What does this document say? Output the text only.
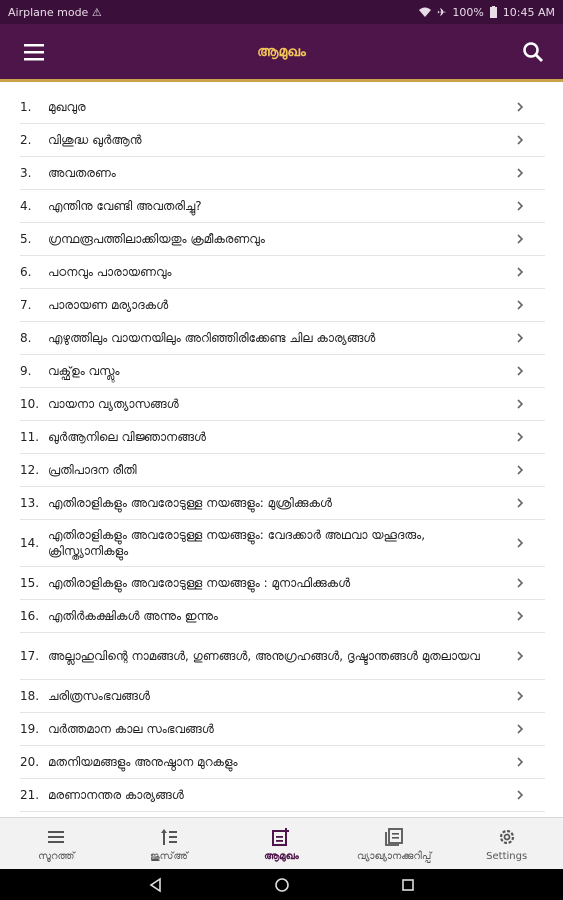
Airplane mode ⚠	✈ 100% 10:45 AM
ആമുഖം
1.	മുഖവുര
2.	വിശുദ്ധ ഖുർആൻ
3.	അവതരണം
4.	എന്തിനു വേണ്ടി അവതരിച്ചു?
5.	ഗ്രന്ഥരൂപത്തിലാക്കിയതും ക്രമീകരണവും
6.	പഠനവും പാരായണവും
7.	പാരായണ മര്യാദകൾ
8.	എഴുത്തിലും വായനയിലും അറിഞ്ഞിരിക്കേണ്ട ചില കാര്യങ്ങൾ
9.	വക്ഫ്ഉം വസ്ലും
10. വായനാ വ്യത്യാസങ്ങൾ
11. ഖുർആനിലെ വിജ്ഞാനങ്ങൾ
12. പ്രതിപാദന രീതി
13. എതിരാളികളും അവരോടുള്ള നയങ്ങളും: മുശ്രിക്കുകൾ
14.
എതിരാളികളും അവരോടുള്ള നയങ്ങളും: വേദക്കാർ അഥവാ യഹൂദരും, ക്രിസ്ത്യാനികളും
15. എതിരാളികളും അവരോടുള്ള നയങ്ങളും : മുനാഫിക്കുകൾ
16. എതിർകക്ഷികൾ അന്നും ഇന്നും
17. അല്ലാഹുവിന്റെ നാമങ്ങൾ, ഗുണങ്ങൾ, അനുഗ്രഹങ്ങൾ, ദൃഷ്ടാന്തങ്ങൾ മുതലായവ
18. ചരിത്രസംഭവങ്ങൾ
19. വർത്തമാന കാല സംഭവങ്ങൾ
20. മതനിയമങ്ങളും അനുഷ്ഠാന മുറകളും
21. മരണാനന്തര കാര്യങ്ങൾ
സൂറത്ത്	ജുസ്അ്	ആമുഖം	വ്യാഖ്യാനക്കുറിപ്പ്	Settings
